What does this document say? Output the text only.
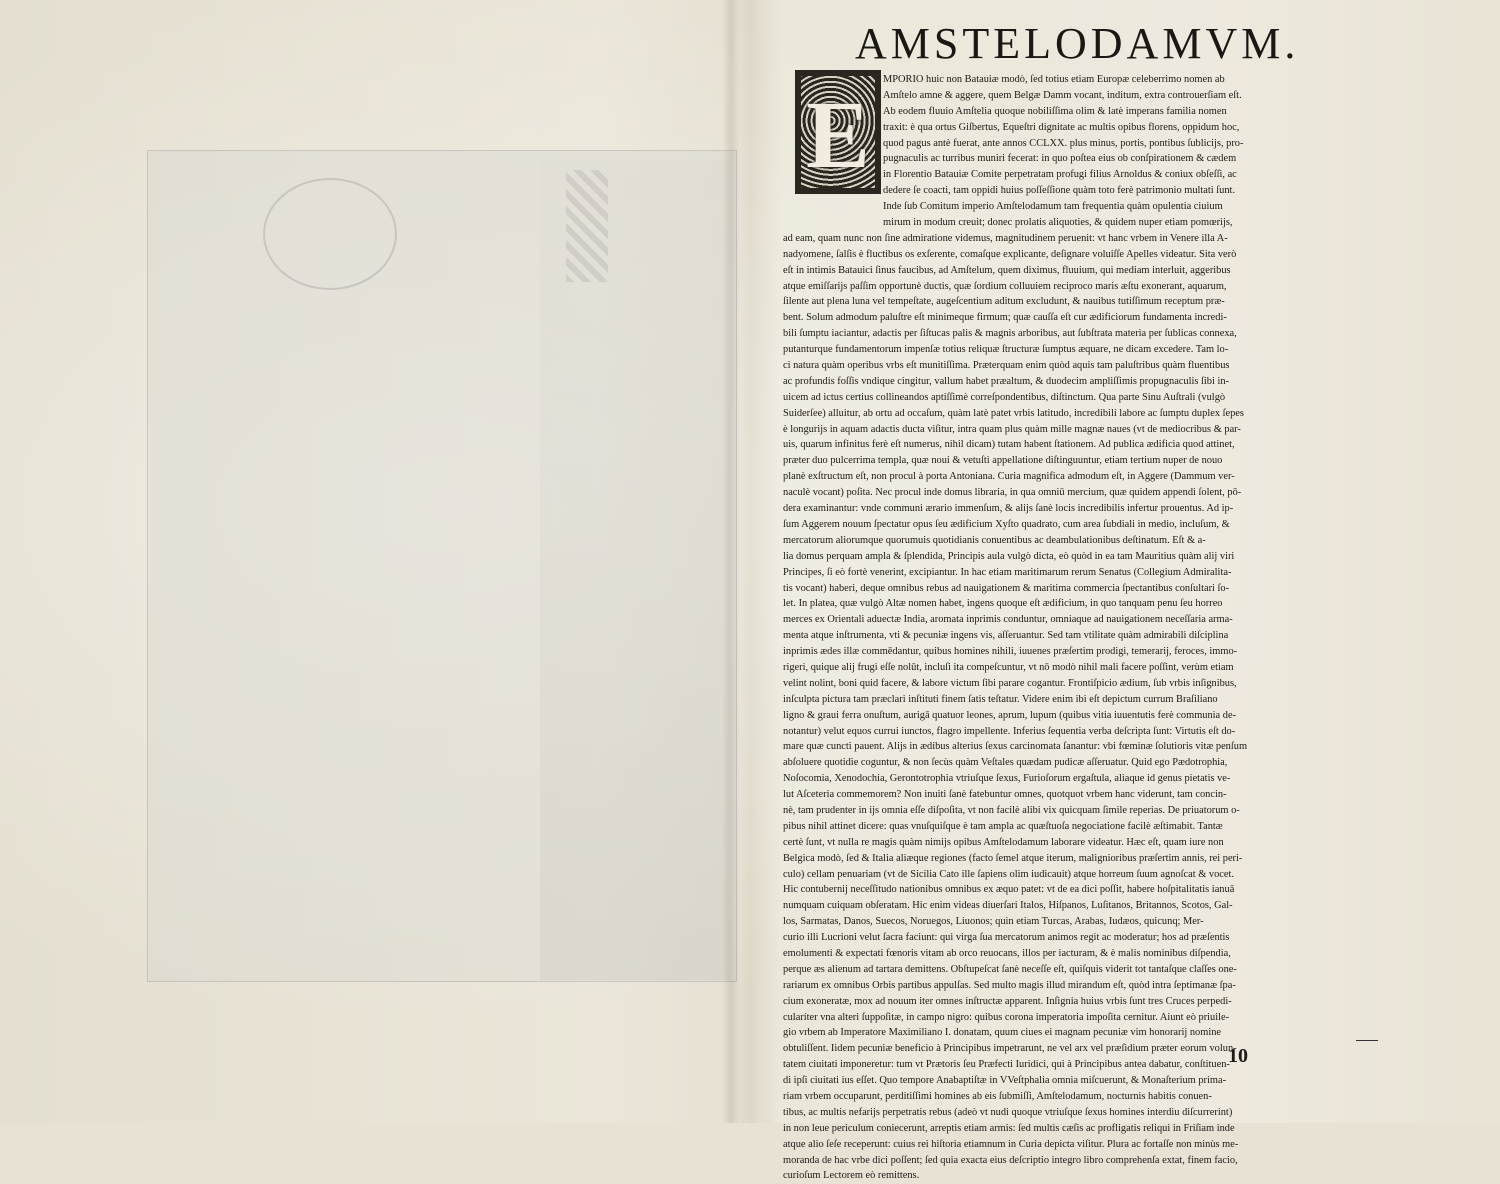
AMSTELODAMVM.
E
MPORIO huic non Batauiæ modò, ſed totius etiam Europæ celeberrimo nomen ab
Amſtelo amne & aggere, quem Belgæ Damm vocant, inditum, extra controuerſiam eſt.
Ab eodem fluuio Amſtelia quoque nobiliſſima olim & latè imperans familia nomen
traxit: è qua ortus Giſbertus, Equeſtri dignitate ac multis opibus florens, oppidum hoc,
quod pagus antè fuerat, ante annos CCLXX. plus minus, portis, pontibus ſublicijs, pro-
pugnaculis ac turribus muniri fecerat: in quo poſtea eius ob conſpirationem & cædem
in Florentio Batauiæ Comite perpetratam profugi filius Arnoldus & coniux obſeſſi, ac
dedere ſe coacti, tam oppidi huius poſſeſſione quàm toto ferè patrimonio multati ſunt.
Inde ſub Comitum imperio Amſtelodamum tam frequentia quàm opulentia ciuium
mirum in modum creuit; donec prolatis aliquoties, & quidem nuper etiam pomœrijs,
ad eam, quam nunc non ſine admiratione videmus, magnitudinem peruenit: vt hanc vrbem in Venere illa A-
nadyomene, ſalſis è fluctibus os exſerente, comaſque explicante, deſignare voluiſſe Apelles videatur. Sita verò
eſt in intimis Batauici ſinus faucibus, ad Amſtelum, quem diximus, fluuium, qui mediam interluit, aggeribus
atque emiſſarijs paſſim opportunè ductis, quæ ſordium colluuiem reciproco maris æſtu exonerant, aquarum,
ſilente aut plena luna vel tempeſtate, augeſcentium aditum excludunt, & nauibus tutiſſimum receptum præ-
bent. Solum admodum paluſtre eſt minimeque firmum; quæ cauſſa eſt cur ædificiorum fundamenta incredi-
bili ſumptu iaciantur, adactis per ſiſtucas palis & magnis arboribus, aut ſubſtrata materia per ſublicas connexa,
putanturque fundamentorum impenſæ totius reliquæ ſtructuræ ſumptus æquare, ne dicam excedere. Tam lo-
ci natura quàm operibus vrbs eſt munitiſſima. Præterquam enim quòd aquis tam paluſtribus quàm fluentibus
ac profundis foſſis vndique cingitur, vallum habet præaltum, & duodecim ampliſſimis propugnaculis ſibi in-
uicem ad ictus certius collineandos aptiſſimè correſpondentibus, diſtinctum. Qua parte Sinu Auſtrali (vulgò
Suiderſee) alluitur, ab ortu ad occaſum, quàm latè patet vrbis latitudo, incredibili labore ac ſumptu duplex ſepes
è longurijs in aquam adactis ducta viſitur, intra quam plus quàm mille magnæ naues (vt de mediocribus & par-
uis, quarum infinitus ferè eſt numerus, nihil dicam) tutam habent ſtationem. Ad publica ædificia quod attinet,
præter duo pulcerrima templa, quæ noui & vetuſti appellatione diſtinguuntur, etiam tertium nuper de nouo
planè exſtructum eſt, non procul à porta Antoniana. Curia magnifica admodum eſt, in Aggere (Dammum ver-
naculè vocant) poſita. Nec procul inde domus libraria, in qua omniū mercium, quæ quidem appendi ſolent, pō-
dera examinantur: vnde communi ærario immenſum, & alijs ſanè locis incredibilis infertur prouentus. Ad ip-
ſum Aggerem nouum ſpectatur opus ſeu ædificium Xyſto quadrato, cum area ſubdiali in medio, incluſum, &
mercatorum aliorumque quorumuis quotidianis conuentibus ac deambulationibus deſtinatum. Eſt & a-
lia domus perquam ampla & ſplendida, Principis aula vulgò dicta, eò quòd in ea tam Mauritius quàm alij viri
Principes, ſi eò fortè venerint, excipiantur. In hac etiam maritimarum rerum Senatus (Collegium Admiralita-
tis vocant) haberi, deque omnibus rebus ad nauigationem & maritima commercia ſpectantibus conſultari ſo-
let. In platea, quæ vulgò Altæ nomen habet, ingens quoque eſt ædificium, in quo tanquam penu ſeu horreo
merces ex Orientali aduectæ India, aromata inprimis conduntur, omniaque ad nauigationem neceſſaria arma-
menta atque inſtrumenta, vti & pecuniæ ingens vis, aſſeruantur. Sed tam vtilitate quàm admirabili diſciplina
inprimis ædes illæ commēdantur, quibus homines nihili, iuuenes præſertim prodigi, temerarij, feroces, immo-
rigeri, quique alij frugi eſſe nolūt, incluſi ita compeſcuntur, vt nō modò nihil mali facere poſſint, verùm etiam
velint nolint, boni quid facere, & labore victum ſibi parare cogantur. Frontiſpicio ædium, ſub vrbis inſignibus,
inſculpta pictura tam præclari inſtituti finem ſatis teſtatur. Videre enim ibi eſt depictum currum Braſiliano
ligno & graui ferra onuſtum, aurigā quatuor leones, aprum, lupum (quibus vitia iuuentutis ferè communia de-
notantur) velut equos currui iunctos, flagro impellente. Inferius ſequentia verba deſcripta ſunt: Virtutis eſt do-
mare quæ cuncti pauent. Alijs in ædibus alterius ſexus carcinomata ſanantur: vbi fœminæ ſolutioris vitæ penſum
abſoluere quotidie coguntur, & non ſecùs quàm Veſtales quædam pudicæ aſſeruatur. Quid ego Pædotrophia,
Noſocomia, Xenodochia, Gerontotrophia vtriuſque ſexus, Furioſorum ergaſtula, aliaque id genus pietatis ve-
lut Aſceteria commemorem? Non inuiti ſanè fatebuntur omnes, quotquot vrbem hanc viderunt, tam concin-
nè, tam prudenter in ijs omnia eſſe diſpoſita, vt non facilè alibi vix quicquam ſimile reperias. De priuatorum o-
pibus nihil attinet dicere: quas vnuſquiſque è tam ampla ac quæſtuoſa negociatione facilè æſtimabit. Tantæ
certè ſunt, vt nulla re magis quàm nimijs opibus Amſtelodamum laborare videatur. Hæc eſt, quam iure non
Belgica modò, ſed & Italia aliæque regiones (facto ſemel atque iterum, malignioribus præſertim annis, rei peri-
culo) cellam penuariam (vt de Sicilia Cato ille ſapiens olim iudicauit) atque horreum ſuum agnoſcat & vocet.
Hic contubernij neceſſitudo nationibus omnibus ex æquo patet: vt de ea dici poſſit, habere hoſpitalitatis ianuā
numquam cuiquam obſeratam. Hic enim videas diuerſari Italos, Hiſpanos, Luſitanos, Britannos, Scotos, Gal-
los, Sarmatas, Danos, Suecos, Noruegos, Liuonos; quin etiam Turcas, Arabas, Iudæos, quicunq; Mer-
curio illi Lucrioni velut ſacra faciunt: qui virga ſua mercatorum animos regit ac moderatur; hos ad præſentis
emolumenti & expectati fœnoris vitam ab orco reuocans, illos per iacturam, & è malis nominibus diſpendia,
perque æs alienum ad tartara demittens. Obſtupeſcat ſanè neceſſe eſt, quiſquis viderit tot tantaſque claſſes one-
rariarum ex omnibus Orbis partibus appulſas. Sed multo magis illud mirandum eſt, quòd intra ſeptimanæ ſpa-
cium exoneratæ, mox ad nouum iter omnes inſtructæ apparent. Inſignia huius vrbis ſunt tres Cruces perpedi-
cularíter vna alteri ſuppoſitæ, in campo nigro: quibus corona imperatoria impoſita cernitur. Aiunt eò priuile-
gio vrbem ab Imperatore Maximiliano I. donatam, quum ciues ei magnam pecuniæ vim honorarij nomine
obtuliſſent. Iidem pecuniæ beneficio à Principibus impetrarunt, ne vel arx vel præſidium præter eorum volun-
tatem ciuitati imponeretur: tum vt Prætoris ſeu Præfecti Iuridici, qui à Principibus antea dabatur, conſtituen-
di ipſi ciuitati ius eſſet. Quo tempore Anabaptiſtæ in VVeſtphalia omnia miſcuerunt, & Monaſterium prima-
riam vrbem occuparunt, perditiſſimi homines ab eis ſubmiſſi, Amſtelodamum, nocturnis habitis conuen-
tibus, ac multis nefarijs perpetratis rebus (adeò vt nudi quoque vtriuſque ſexus homines interdiu diſcurrerint)
in non leue periculum coniecerunt, arreptis etiam armis: ſed multis cæſis ac profligatis reliqui in Friſiam inde
atque alio ſeſe receperunt: cuius rei hiſtoria etiamnum in Curia depicta viſitur. Plura ac fortaſſe non minùs me-
moranda de hac vrbe dici poſſent; ſed quia exacta eius deſcriptio integro libro comprehenſa extat, finem facio,
curioſum Lectorem eò remittens.
10
